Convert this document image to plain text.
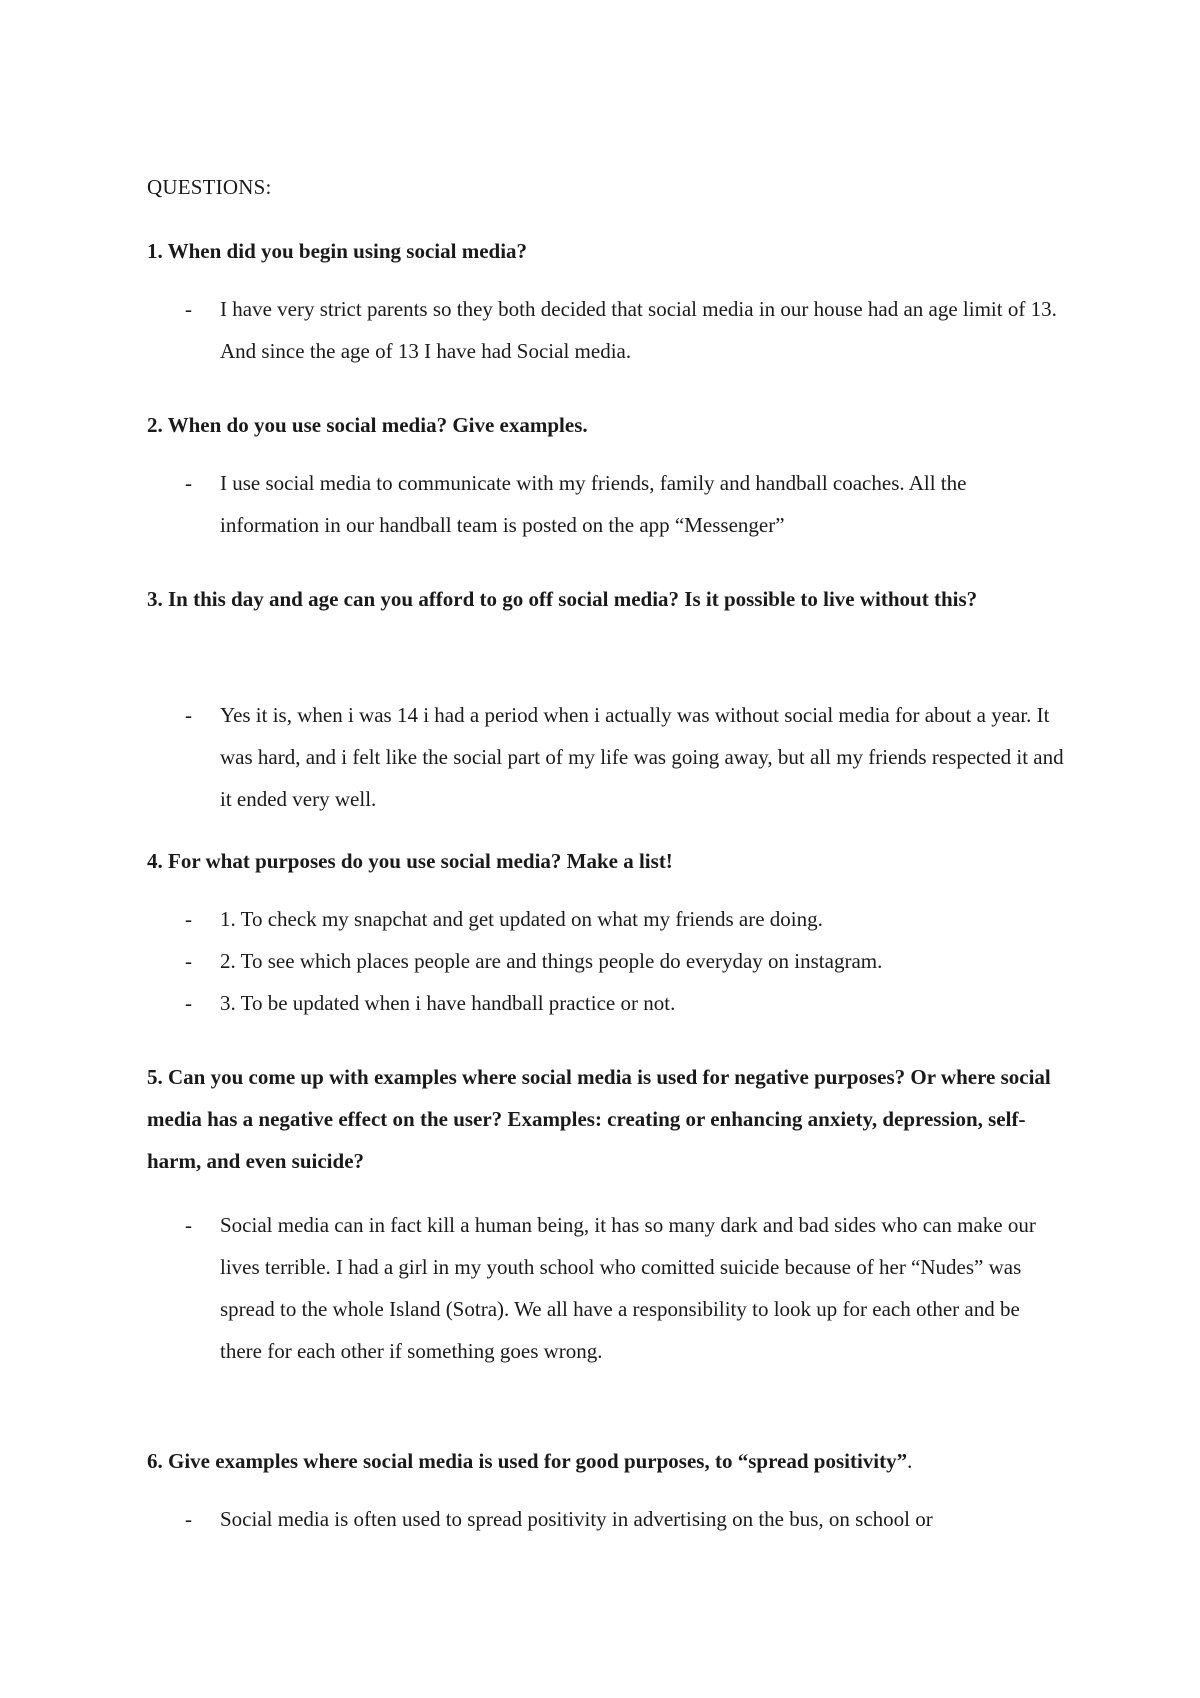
QUESTIONS:
1. When did you begin using social media?
- I have very strict parents so they both decided that social media in our house had an age limit of 13. And since the age of 13 I have had Social media.
2. When do you use social media? Give examples.
- I use social media to communicate with my friends, family and handball coaches. All the information in our handball team is posted on the app “Messenger”
3. In this day and age can you afford to go off social media? Is it possible to live without this?
- Yes it is, when i was 14 i had a period when i actually was without social media for about a year. It was hard, and i felt like the social part of my life was going away, but all my friends respected it and it ended very well.
4. For what purposes do you use social media? Make a list!
- 1. To check my snapchat and get updated on what my friends are doing.
- 2. To see which places people are and things people do everyday on instagram.
- 3. To be updated when i have handball practice or not.
5. Can you come up with examples where social media is used for negative purposes? Or where social media has a negative effect on the user? Examples: creating or enhancing anxiety, depression, self-harm, and even suicide?
- Social media can in fact kill a human being, it has so many dark and bad sides who can make our lives terrible. I had a girl in my youth school who comitted suicide because of her “Nudes” was spread to the whole Island (Sotra). We all have a responsibility to look up for each other and be there for each other if something goes wrong.
6. Give examples where social media is used for good purposes, to “spread positivity”.
- Social media is often used to spread positivity in advertising on the bus, on school or
